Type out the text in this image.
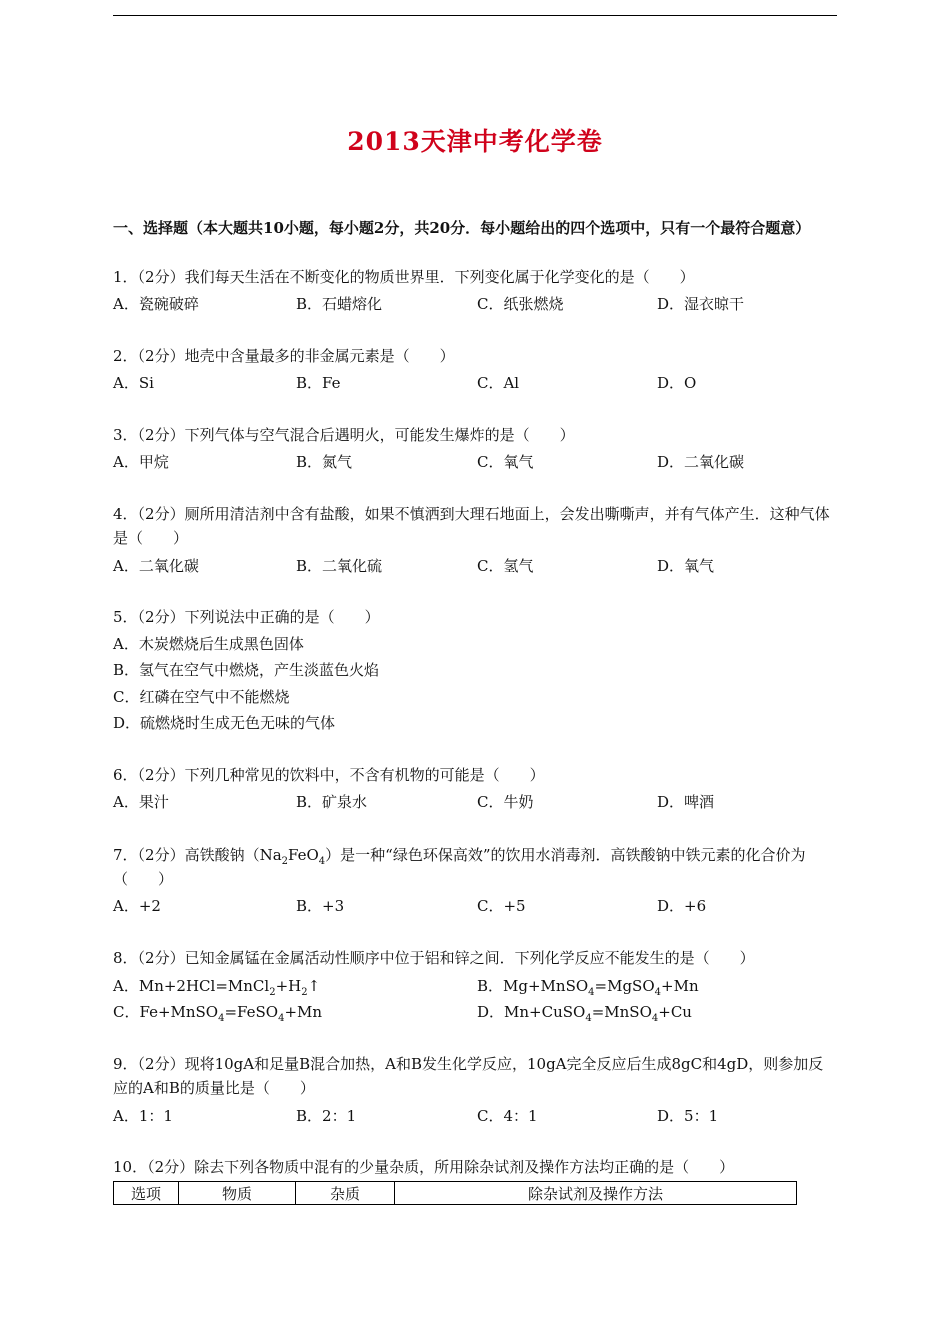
2013天津中考化学卷
一、选择题（本大题共10小题，每小题2分，共20分．每小题给出的四个选项中，只有一个最符合题意）
1．（2分）我们每天生活在不断变化的物质世界里．下列变化属于化学变化的是（　　）
A．瓷碗破碎	B．石蜡熔化	C．纸张燃烧	D．湿衣晾干
2．（2分）地壳中含量最多的非金属元素是（　　）
A．Si	B．Fe	C．Al	D．O
3．（2分）下列气体与空气混合后遇明火，可能发生爆炸的是（　　）
A．甲烷	B．氮气	C．氧气	D．二氧化碳
4．（2分）厕所用清洁剂中含有盐酸，如果不慎洒到大理石地面上，会发出嘶嘶声，并有气体产生．这种气体是（　　）
A．二氧化碳	B．二氧化硫	C．氢气	D．氧气
5．（2分）下列说法中正确的是（　　）
A．木炭燃烧后生成黑色固体
B．氢气在空气中燃烧，产生淡蓝色火焰
C．红磷在空气中不能燃烧
D．硫燃烧时生成无色无味的气体
6．（2分）下列几种常见的饮料中，不含有机物的可能是（　　）
A．果汁	B．矿泉水	C．牛奶	D．啤酒
7．（2分）高铁酸钠$(Na_2FeO_4)$是一种“绿色环保高效”的饮用水消毒剂．高铁酸钠中铁元素的化合价为（　　）
A．+2	B．+3	C．+5	D．+6
8．（2分）已知金属锰在金属活动性顺序中位于铝和锌之间．下列化学反应不能发生的是（　　）
A．$Mn+2HCl=MnCl_2+H_2↑$	B．Mg+MnSO$_4$=MgSO$_4$+Mn
C．Fe+MnSO$_4$=FeSO$_4$+Mn	D．Mn+CuSO$_4$=MnSO$_4$+Cu
9．（2分）现将10gA和足量B混合加热，A和B发生化学反应，10gA完全反应后生成8gC和4gD，则参加反应的A和B的质量比是（　　）
A．1：1	B．2：1	C．4：1	D．5：1
10．（2分）除去下列各物质中混有的少量杂质，所用除杂试剂及操作方法均正确的是（　　）
选项	物质	杂质	除杂试剂及操作方法
